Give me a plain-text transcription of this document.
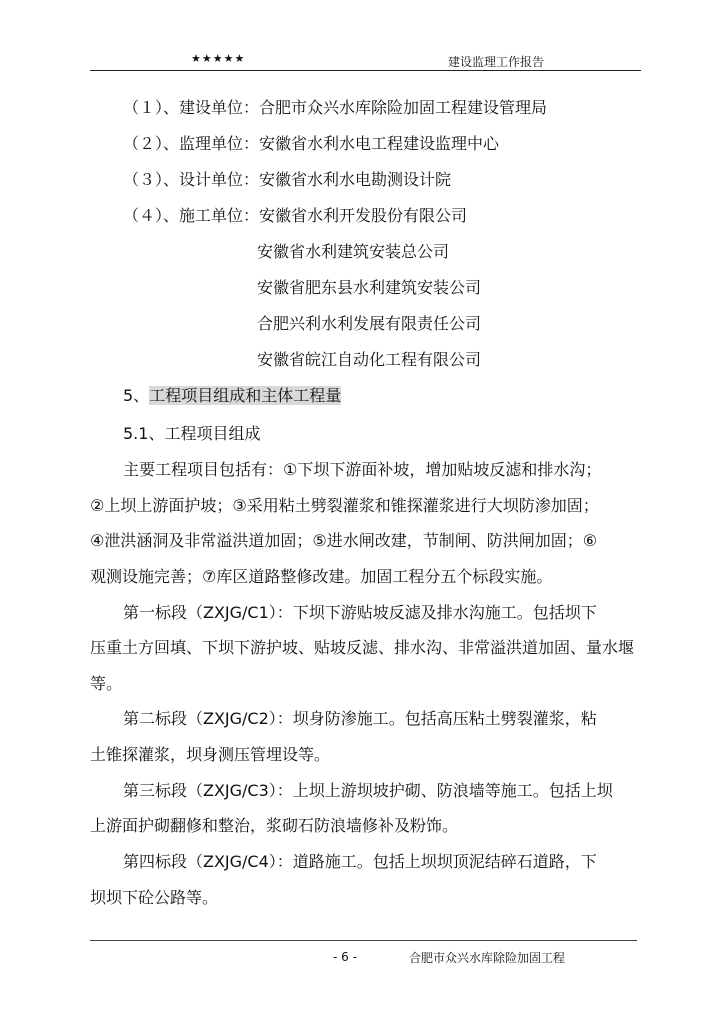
★★★★★	建设监理工作报告
（１）、建设单位：合肥市众兴水库除险加固工程建设管理局
（２）、监理单位：安徽省水利水电工程建设监理中心
（３）、设计单位：安徽省水利水电勘测设计院
（４）、施工单位：安徽省水利开发股份有限公司
安徽省水利建筑安装总公司
安徽省肥东县水利建筑安装公司
合肥兴利水利发展有限责任公司
安徽省皖江自动化工程有限公司
5、工程项目组成和主体工程量
5.1、工程项目组成
主要工程项目包括有：①下坝下游面补坡，增加贴坡反滤和排水沟；
②上坝上游面护坡；③采用粘土劈裂灌浆和锥探灌浆进行大坝防渗加固；
④泄洪涵洞及非常溢洪道加固；⑤进水闸改建，节制闸、防洪闸加固；⑥
观测设施完善；⑦库区道路整修改建。加固工程分五个标段实施。
第一标段（ZXJG/C1）：下坝下游贴坡反滤及排水沟施工。包括坝下
压重土方回填、下坝下游护坡、贴坡反滤、排水沟、非常溢洪道加固、量水堰
等。
第二标段（ZXJG/C2）：坝身防渗施工。包括高压粘土劈裂灌浆，粘
土锥探灌浆，坝身测压管埋设等。
第三标段（ZXJG/C3）：上坝上游坝坡护砌、防浪墙等施工。包括上坝
上游面护砌翻修和整治，浆砌石防浪墙修补及粉饰。
第四标段（ZXJG/C4）：道路施工。包括上坝坝顶泥结碎石道路，下
坝坝下砼公路等。
- 6 -	合肥市众兴水库除险加固工程
